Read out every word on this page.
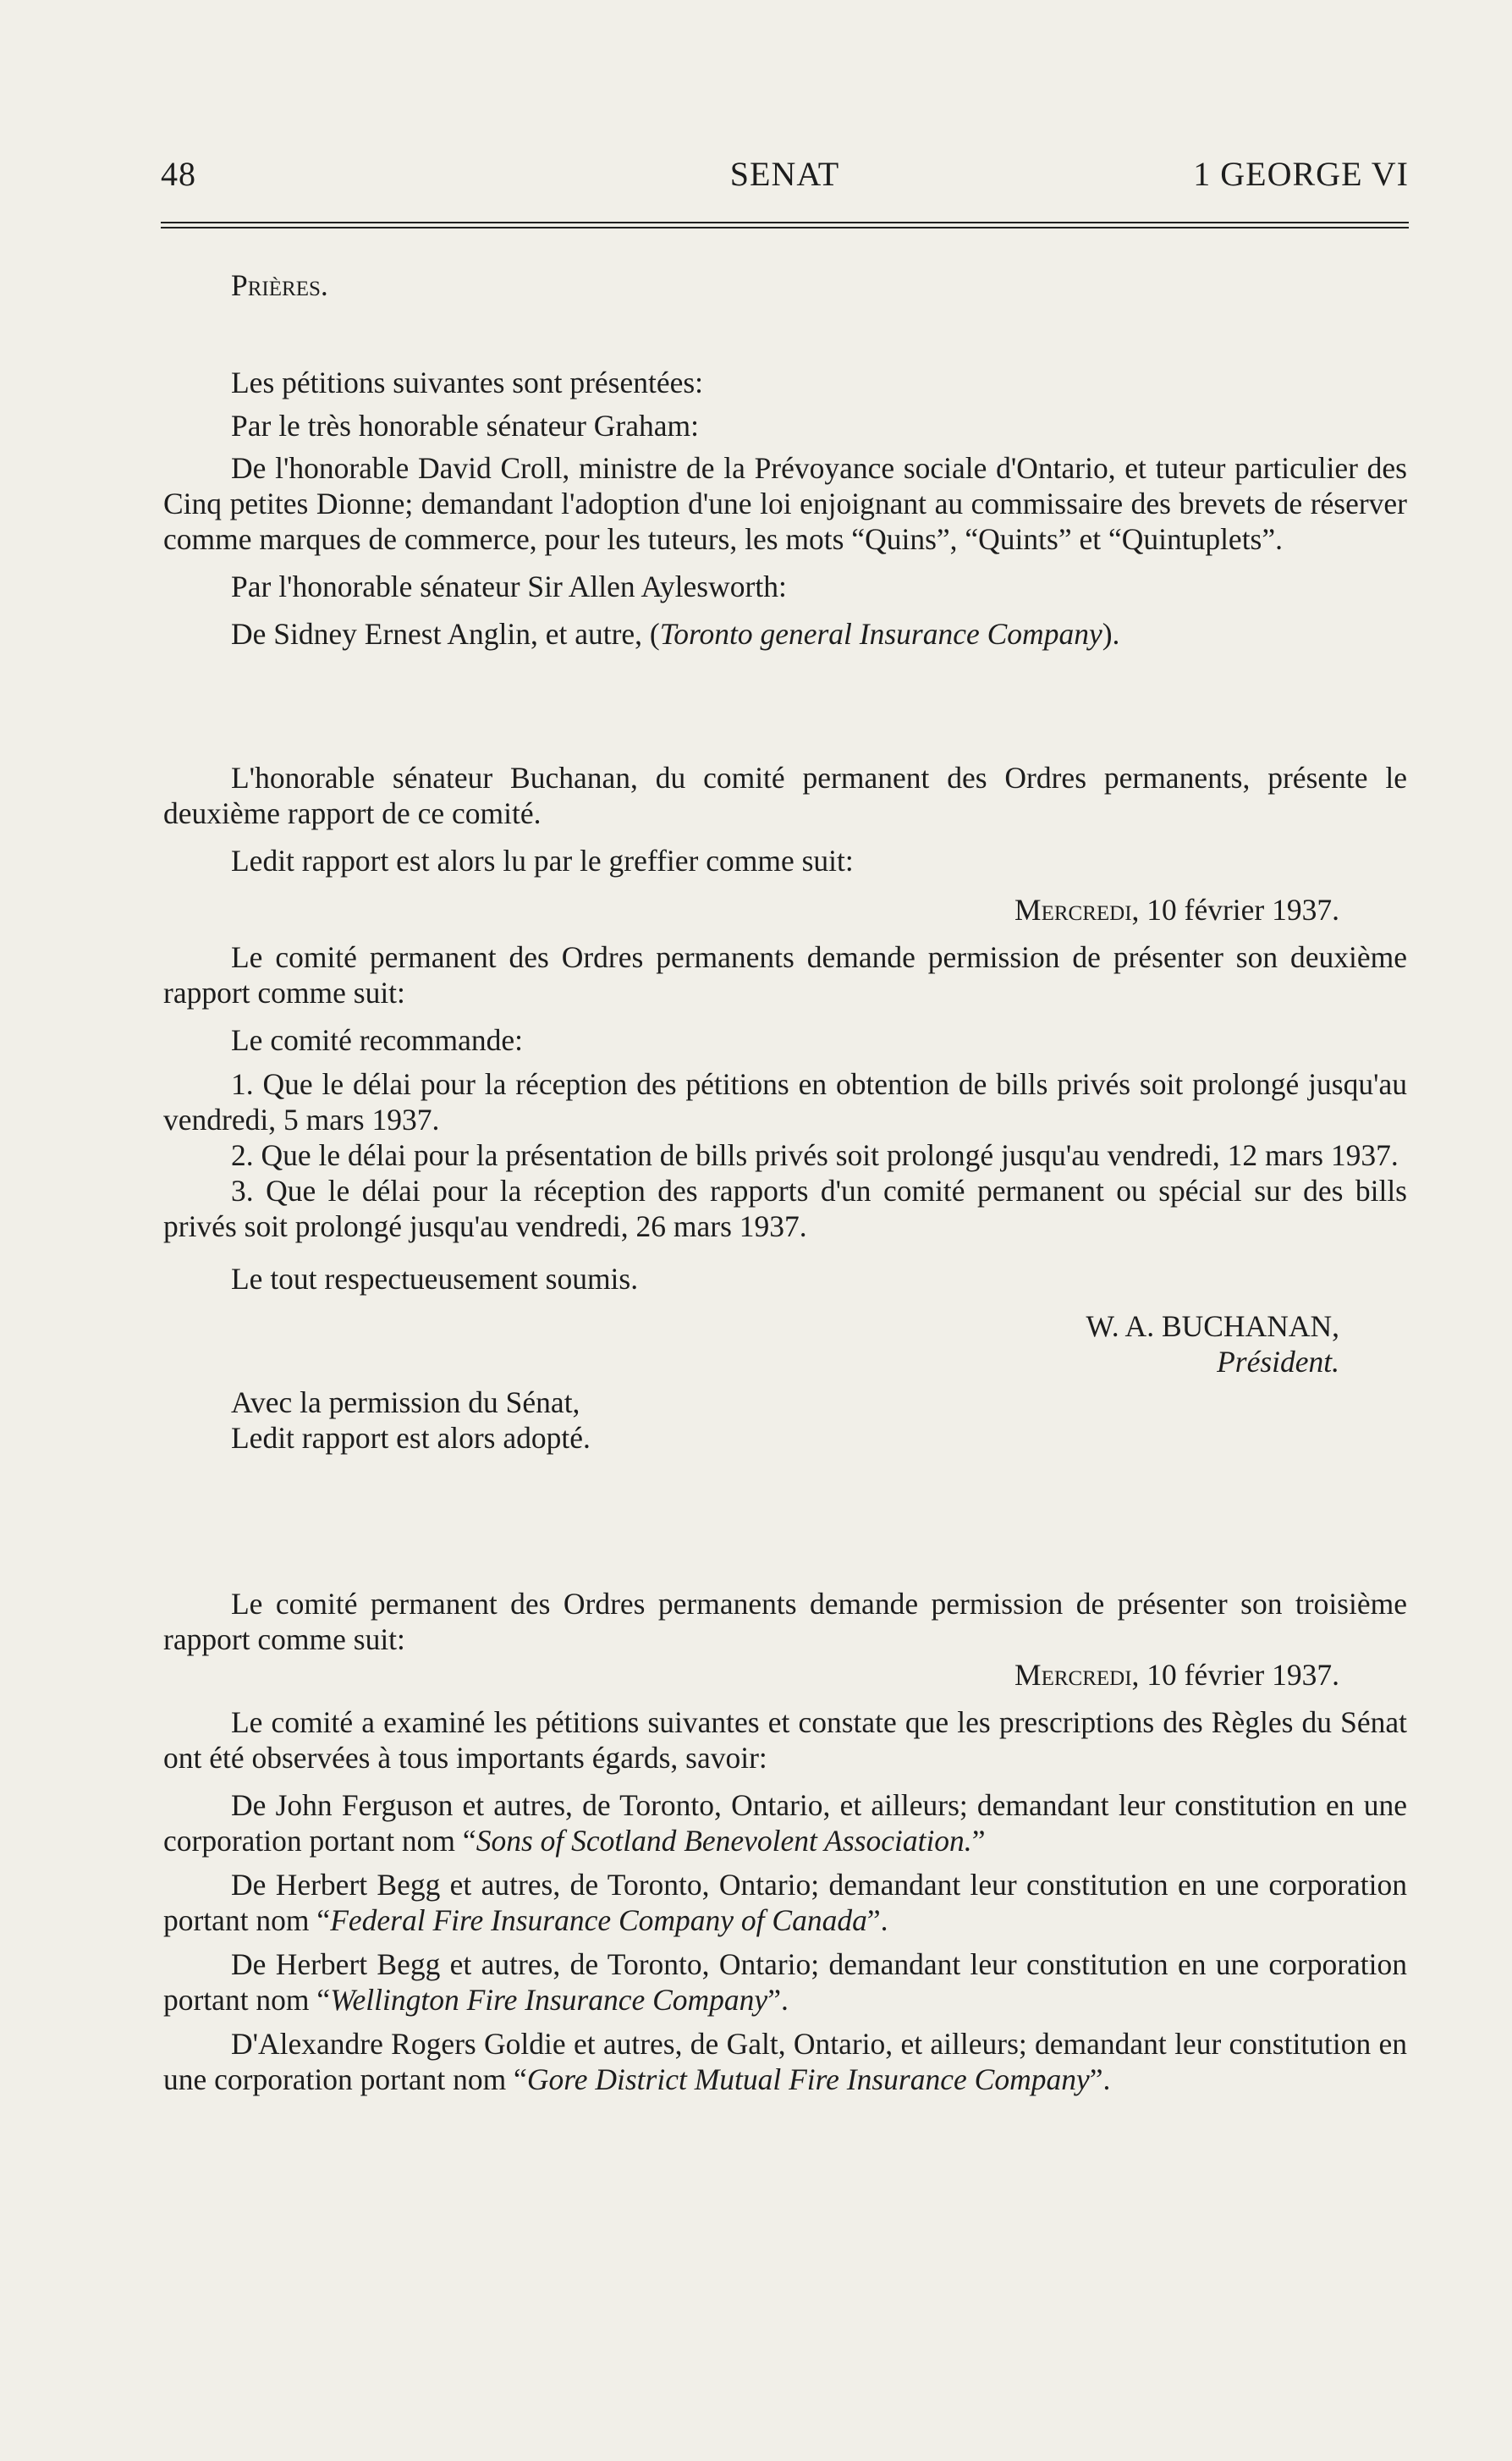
48	SENAT	1 GEORGE VI

Prières.

Les pétitions suivantes sont présentées:

Par le très honorable sénateur Graham:

De l'honorable David Croll, ministre de la Prévoyance sociale d'Ontario, et tuteur particulier des Cinq petites Dionne; demandant l'adoption d'une loi enjoignant au commissaire des brevets de réserver comme marques de commerce, pour les tuteurs, les mots “Quins”, “Quints” et “Quintuplets”.

Par l'honorable sénateur Sir Allen Aylesworth:

De Sidney Ernest Anglin, et autre, (Toronto general Insurance Company).

L'honorable sénateur Buchanan, du comité permanent des Ordres permanents, présente le deuxième rapport de ce comité.

Ledit rapport est alors lu par le greffier comme suit:

Mercredi, 10 février 1937.

Le comité permanent des Ordres permanents demande permission de présenter son deuxième rapport comme suit:

Le comité recommande:

1. Que le délai pour la réception des pétitions en obtention de bills privés soit prolongé jusqu'au vendredi, 5 mars 1937.

2. Que le délai pour la présentation de bills privés soit prolongé jusqu'au vendredi, 12 mars 1937.

3. Que le délai pour la réception des rapports d'un comité permanent ou spécial sur des bills privés soit prolongé jusqu'au vendredi, 26 mars 1937.

Le tout respectueusement soumis.

W. A. BUCHANAN,

Président.

Avec la permission du Sénat,

Ledit rapport est alors adopté.

Le comité permanent des Ordres permanents demande permission de présenter son troisième rapport comme suit:

Mercredi, 10 février 1937.

Le comité a examiné les pétitions suivantes et constate que les prescriptions des Règles du Sénat ont été observées à tous importants égards, savoir:

De John Ferguson et autres, de Toronto, Ontario, et ailleurs; demandant leur constitution en une corporation portant nom “Sons of Scotland Benevolent Association.”

De Herbert Begg et autres, de Toronto, Ontario; demandant leur constitution en une corporation portant nom “Federal Fire Insurance Company of Canada”.

De Herbert Begg et autres, de Toronto, Ontario; demandant leur constitution en une corporation portant nom “Wellington Fire Insurance Company”.

D'Alexandre Rogers Goldie et autres, de Galt, Ontario, et ailleurs; demandant leur constitution en une corporation portant nom “Gore District Mutual Fire Insurance Company”.
